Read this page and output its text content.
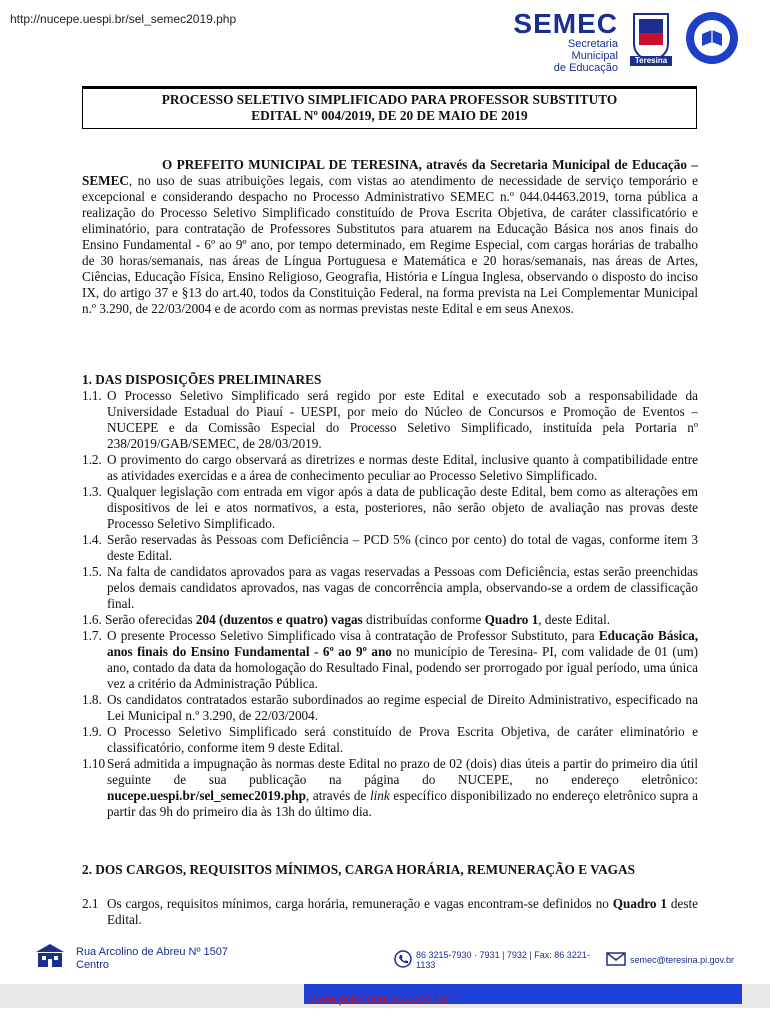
http://nucepe.uespi.br/sel_semec2019.php	SEMEC
Secretaria
Municipal
de Educação
Teresina
PROCESSO SELETIVO SIMPLIFICADO PARA PROFESSOR SUBSTITUTO
EDITAL Nº 004/2019, DE 20 DE MAIO DE 2019
O PREFEITO MUNICIPAL DE TERESINA, através da Secretaria Municipal de Educação – SEMEC, no uso de suas atribuições legais, com vistas ao atendimento de necessidade de serviço temporário e excepcional e considerando despacho no Processo Administrativo SEMEC n.º 044.04463.2019, torna pública a realização do Processo Seletivo Simplificado constituído de Prova Escrita Objetiva, de caráter classificatório e eliminatório, para contratação de Professores Substitutos para atuarem na Educação Básica nos anos finais do Ensino Fundamental - 6º ao 9º ano, por tempo determinado, em Regime Especial, com cargas horárias de trabalho de 30 horas/semanais, nas áreas de Língua Portuguesa e Matemática e 20 horas/semanais, nas áreas de Artes, Ciências, Educação Física, Ensino Religioso, Geografia, História e Língua Inglesa, observando o disposto do inciso IX, do artigo 37 e §13 do art.40, todos da Constituição Federal, na forma prevista na Lei Complementar Municipal n.º 3.290, de 22/03/2004 e de acordo com as normas previstas neste Edital e em seus Anexos.
1. DAS DISPOSIÇÕES PRELIMINARES
1.1. O Processo Seletivo Simplificado será regido por este Edital e executado sob a responsabilidade da Universidade Estadual do Piauí - UESPI, por meio do Núcleo de Concursos e Promoção de Eventos – NUCEPE e da Comissão Especial do Processo Seletivo Simplificado, instituída pela Portaria nº 238/2019/GAB/SEMEC, de 28/03/2019.
1.2. O provimento do cargo observará as diretrizes e normas deste Edital, inclusive quanto à compatibilidade entre as atividades exercidas e a área de conhecimento peculiar ao Processo Seletivo Simplificado.
1.3. Qualquer legislação com entrada em vigor após a data de publicação deste Edital, bem como as alterações em dispositivos de lei e atos normativos, a esta, posteriores, não serão objeto de avaliação nas provas deste Processo Seletivo Simplificado.
1.4. Serão reservadas às Pessoas com Deficiência – PCD 5% (cinco por cento) do total de vagas, conforme item 3 deste Edital.
1.5. Na falta de candidatos aprovados para as vagas reservadas a Pessoas com Deficiência, estas serão preenchidas pelos demais candidatos aprovados, nas vagas de concorrência ampla, observando-se a ordem de classificação final.
1.6. Serão oferecidas 204 (duzentos e quatro) vagas distribuídas conforme Quadro 1, deste Edital.
1.7. O presente Processo Seletivo Simplificado visa à contratação de Professor Substituto, para Educação Básica, anos finais do Ensino Fundamental - 6º ao 9º ano no município de Teresina- PI, com validade de 01 (um) ano, contado da data da homologação do Resultado Final, podendo ser prorrogado por igual período, uma única vez a critério da Administração Pública.
1.8. Os candidatos contratados estarão subordinados ao regime especial de Direito Administrativo, especificado na Lei Municipal n.º 3.290, de 22/03/2004.
1.9. O Processo Seletivo Simplificado será constituído de Prova Escrita Objetiva, de caráter eliminatório e classificatório, conforme item 9 deste Edital.
1.10 Será admitida a impugnação às normas deste Edital no prazo de 02 (dois) dias úteis a partir do primeiro dia útil seguinte de sua publicação na página do NUCEPE, no endereço eletrônico: nucepe.uespi.br/sel_semec2019.php, através de link específico disponibilizado no endereço eletrônico supra a partir das 9h do primeiro dia às 13h do último dia.
2. DOS CARGOS, REQUISITOS MÍNIMOS, CARGA HORÁRIA, REMUNERAÇÃO E VAGAS
2.1 Os cargos, requisitos mínimos, carga horária, remuneração e vagas encontram-se definidos no Quadro 1 deste Edital.
Rua Arcolino de Abreu Nº 1507
Centro
86 3215-7930 · 7931 | 7932 | Fax: 86 3221-1133	semec@teresina.pi.gov.br
www.pciconcursos.com.br
